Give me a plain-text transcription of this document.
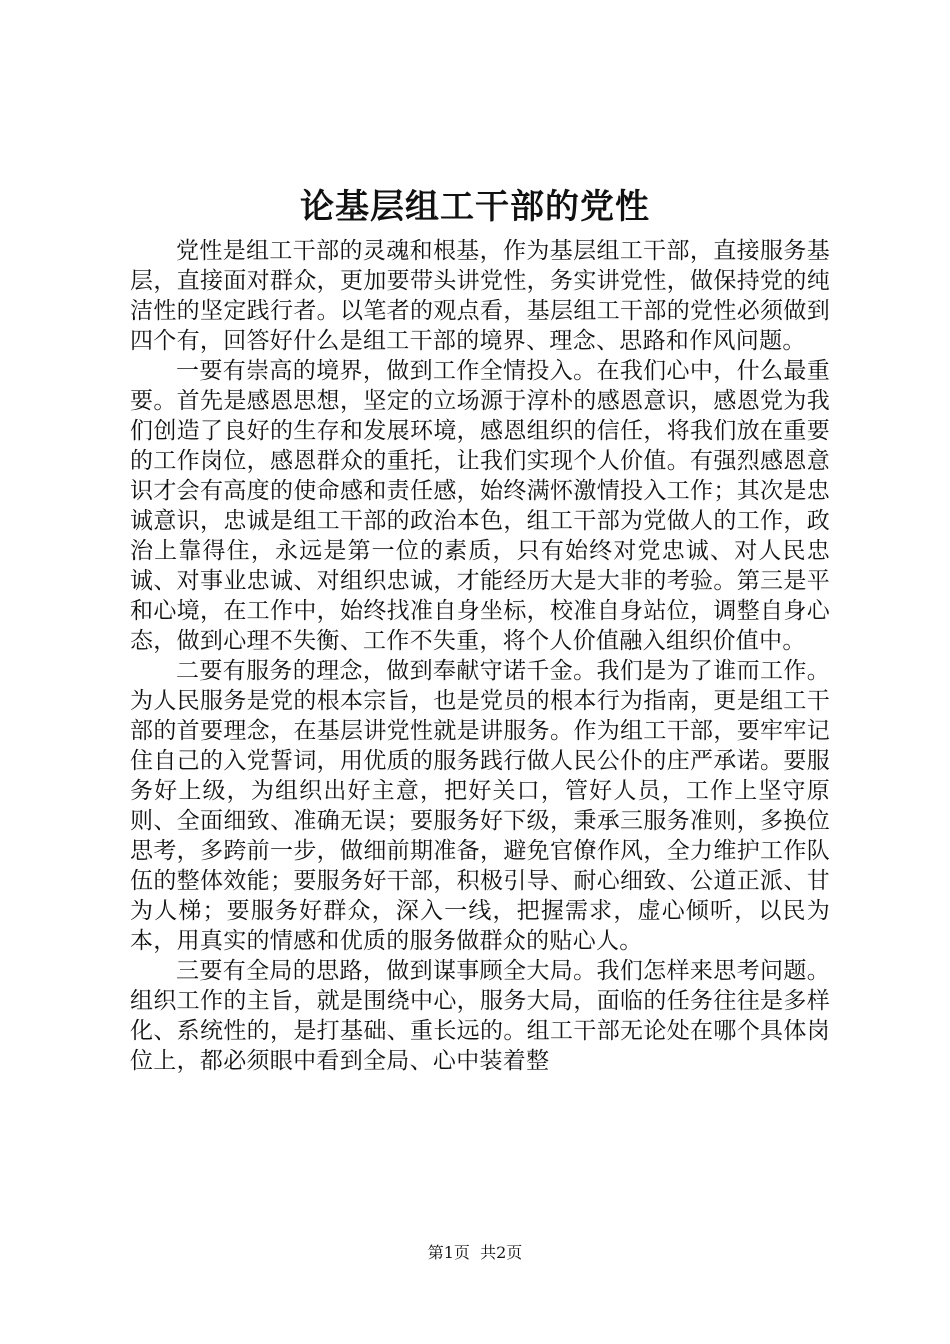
论基层组工干部的党性

党性是组工干部的灵魂和根基，作为基层组工干部，直接服务基层，直接面对群众，更加要带头讲党性，务实讲党性，做保持党的纯洁性的坚定践行者。以笔者的观点看，基层组工干部的党性必须做到四个有，回答好什么是组工干部的境界、理念、思路和作风问题。

一要有崇高的境界，做到工作全情投入。在我们心中，什么最重要。首先是感恩思想，坚定的立场源于淳朴的感恩意识，感恩党为我们创造了良好的生存和发展环境，感恩组织的信任，将我们放在重要的工作岗位，感恩群众的重托，让我们实现个人价值。有强烈感恩意识才会有高度的使命感和责任感，始终满怀激情投入工作；其次是忠诚意识，忠诚是组工干部的政治本色，组工干部为党做人的工作，政治上靠得住，永远是第一位的素质，只有始终对党忠诚、对人民忠诚、对事业忠诚、对组织忠诚，才能经历大是大非的考验。第三是平和心境，在工作中，始终找准自身坐标，校准自身站位，调整自身心态，做到心理不失衡、工作不失重，将个人价值融入组织价值中。

二要有服务的理念，做到奉献守诺千金。我们是为了谁而工作。为人民服务是党的根本宗旨，也是党员的根本行为指南，更是组工干部的首要理念，在基层讲党性就是讲服务。作为组工干部，要牢牢记住自己的入党誓词，用优质的服务践行做人民公仆的庄严承诺。要服务好上级，为组织出好主意，把好关口，管好人员，工作上坚守原则、全面细致、准确无误；要服务好下级，秉承三服务准则，多换位思考，多跨前一步，做细前期准备，避免官僚作风，全力维护工作队伍的整体效能；要服务好干部，积极引导、耐心细致、公道正派、甘为人梯；要服务好群众，深入一线，把握需求，虚心倾听，以民为本，用真实的情感和优质的服务做群众的贴心人。

三要有全局的思路，做到谋事顾全大局。我们怎样来思考问题。组织工作的主旨，就是围绕中心，服务大局，面临的任务往往是多样化、系统性的，是打基础、重长远的。组工干部无论处在哪个具体岗位上，都必须眼中看到全局、心中装着整

第1页 共2页
